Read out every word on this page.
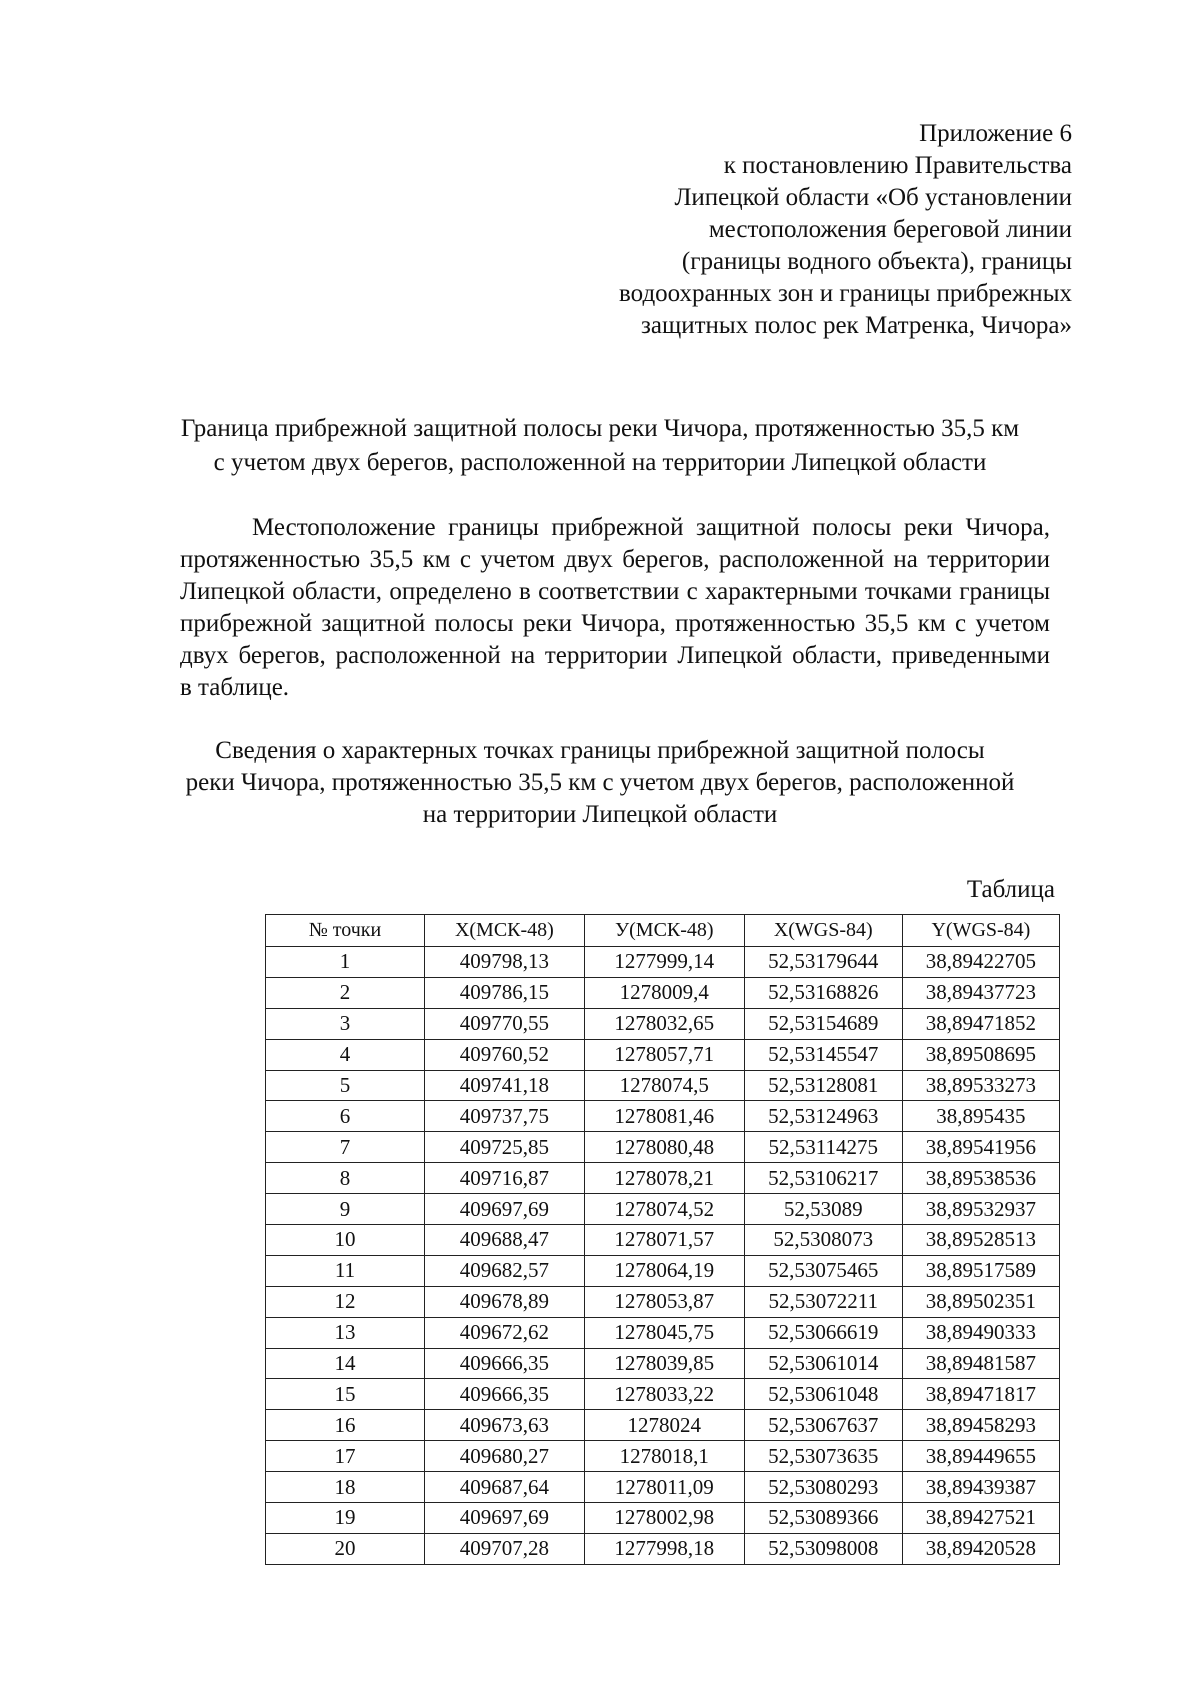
Приложение 6
к постановлению Правительства
Липецкой области «Об установлении
местоположения береговой линии
(границы водного объекта), границы
водоохранных зон и границы прибрежных
защитных полос рек Матренка, Чичора»
Граница прибрежной защитной полосы реки Чичора, протяженностью 35,5 км
с учетом двух берегов, расположенной на территории Липецкой области
Местоположение границы прибрежной защитной полосы реки Чичора,
протяженностью 35,5 км с учетом двух берегов, расположенной на территории
Липецкой области, определено в соответствии с характерными точками границы
прибрежной защитной полосы реки Чичора, протяженностью 35,5 км с учетом
двух берегов, расположенной на территории Липецкой области, приведенными
в таблице.
Сведения о характерных точках границы прибрежной защитной полосы
реки Чичора, протяженностью 35,5 км с учетом двух берегов, расположенной
на территории Липецкой области
Таблица
№ точки	X(МСК-48)	У(МСК-48)	X(WGS-84)	Y(WGS-84)
1	409798,13	1277999,14	52,53179644	38,89422705
2	409786,15	1278009,4	52,53168826	38,89437723
3	409770,55	1278032,65	52,53154689	38,89471852
4	409760,52	1278057,71	52,53145547	38,89508695
5	409741,18	1278074,5	52,53128081	38,89533273
6	409737,75	1278081,46	52,53124963	38,895435
7	409725,85	1278080,48	52,53114275	38,89541956
8	409716,87	1278078,21	52,53106217	38,89538536
9	409697,69	1278074,52	52,53089	38,89532937
10	409688,47	1278071,57	52,5308073	38,89528513
11	409682,57	1278064,19	52,53075465	38,89517589
12	409678,89	1278053,87	52,53072211	38,89502351
13	409672,62	1278045,75	52,53066619	38,89490333
14	409666,35	1278039,85	52,53061014	38,89481587
15	409666,35	1278033,22	52,53061048	38,89471817
16	409673,63	1278024	52,53067637	38,89458293
17	409680,27	1278018,1	52,53073635	38,89449655
18	409687,64	1278011,09	52,53080293	38,89439387
19	409697,69	1278002,98	52,53089366	38,89427521
20	409707,28	1277998,18	52,53098008	38,89420528
